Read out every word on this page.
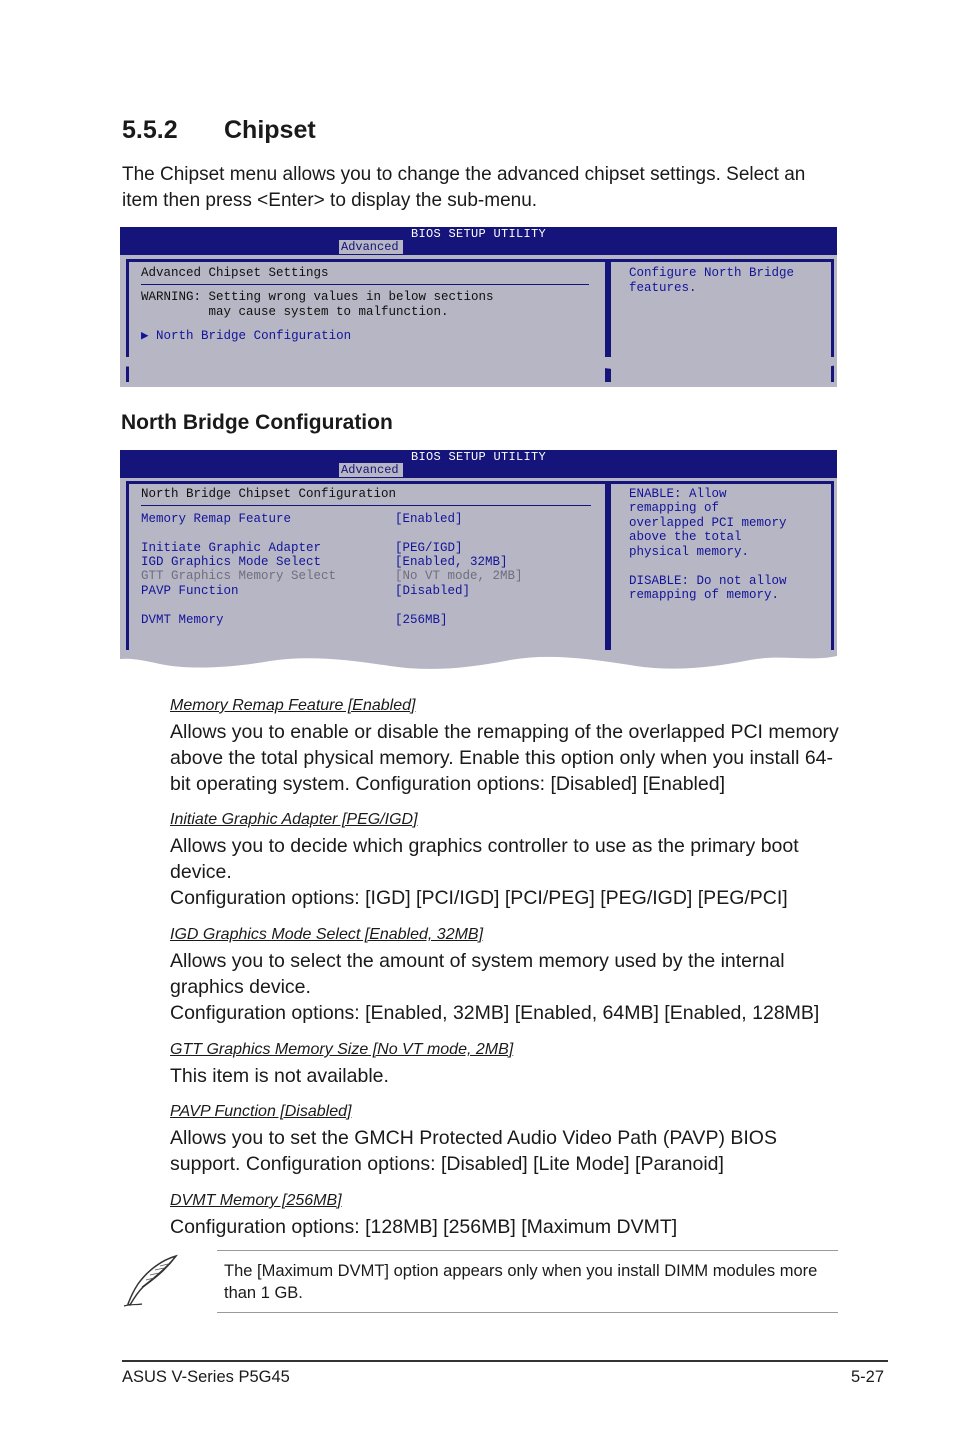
5.5.2 Chipset

The Chipset menu allows you to change the advanced chipset settings. Select an item then press <Enter> to display the sub-menu.

BIOS SETUP UTILITY
Advanced
Advanced Chipset Settings
WARNING: Setting wrong values in below sections
may cause system to malfunction.
▶ North Bridge Configuration
Configure North Bridge
features.
North Bridge Configuration
BIOS SETUP UTILITY
Advanced
North Bridge Chipset Configuration
Memory Remap Feature	[Enabled]
Initiate Graphic Adapter	[PEG/IGD]
IGD Graphics Mode Select	[Enabled, 32MB]
GTT Graphics Memory Select	[No VT mode, 2MB]
PAVP Function	[Disabled]
DVMT Memory	[256MB]
ENABLE: Allow
remapping of
overlapped PCI memory
above the total
physical memory.
DISABLE: Do not allow
remapping of memory.

Memory Remap Feature [Enabled]

Allows you to enable or disable the remapping of the overlapped PCI memory above the total physical memory. Enable this option only when you install 64-bit operating system. Configuration options: [Disabled] [Enabled]

Initiate Graphic Adapter [PEG/IGD]

Allows you to decide which graphics controller to use as the primary boot device.

Configuration options: [IGD] [PCI/IGD] [PCI/PEG] [PEG/IGD] [PEG/PCI]

IGD Graphics Mode Select [Enabled, 32MB]

Allows you to select the amount of system memory used by the internal graphics device.

Configuration options: [Enabled, 32MB] [Enabled, 64MB] [Enabled, 128MB]

GTT Graphics Memory Size [No VT mode, 2MB]

This item is not available.

PAVP Function [Disabled]

Allows you to set the GMCH Protected Audio Video Path (PAVP) BIOS support. Configuration options: [Disabled] [Lite Mode] [Paranoid]

DVMT Memory [256MB]

Configuration options: [128MB] [256MB] [Maximum DVMT]

The [Maximum DVMT] option appears only when you install DIMM modules more than 1 GB.

ASUS V-Series P5G45	5-27
